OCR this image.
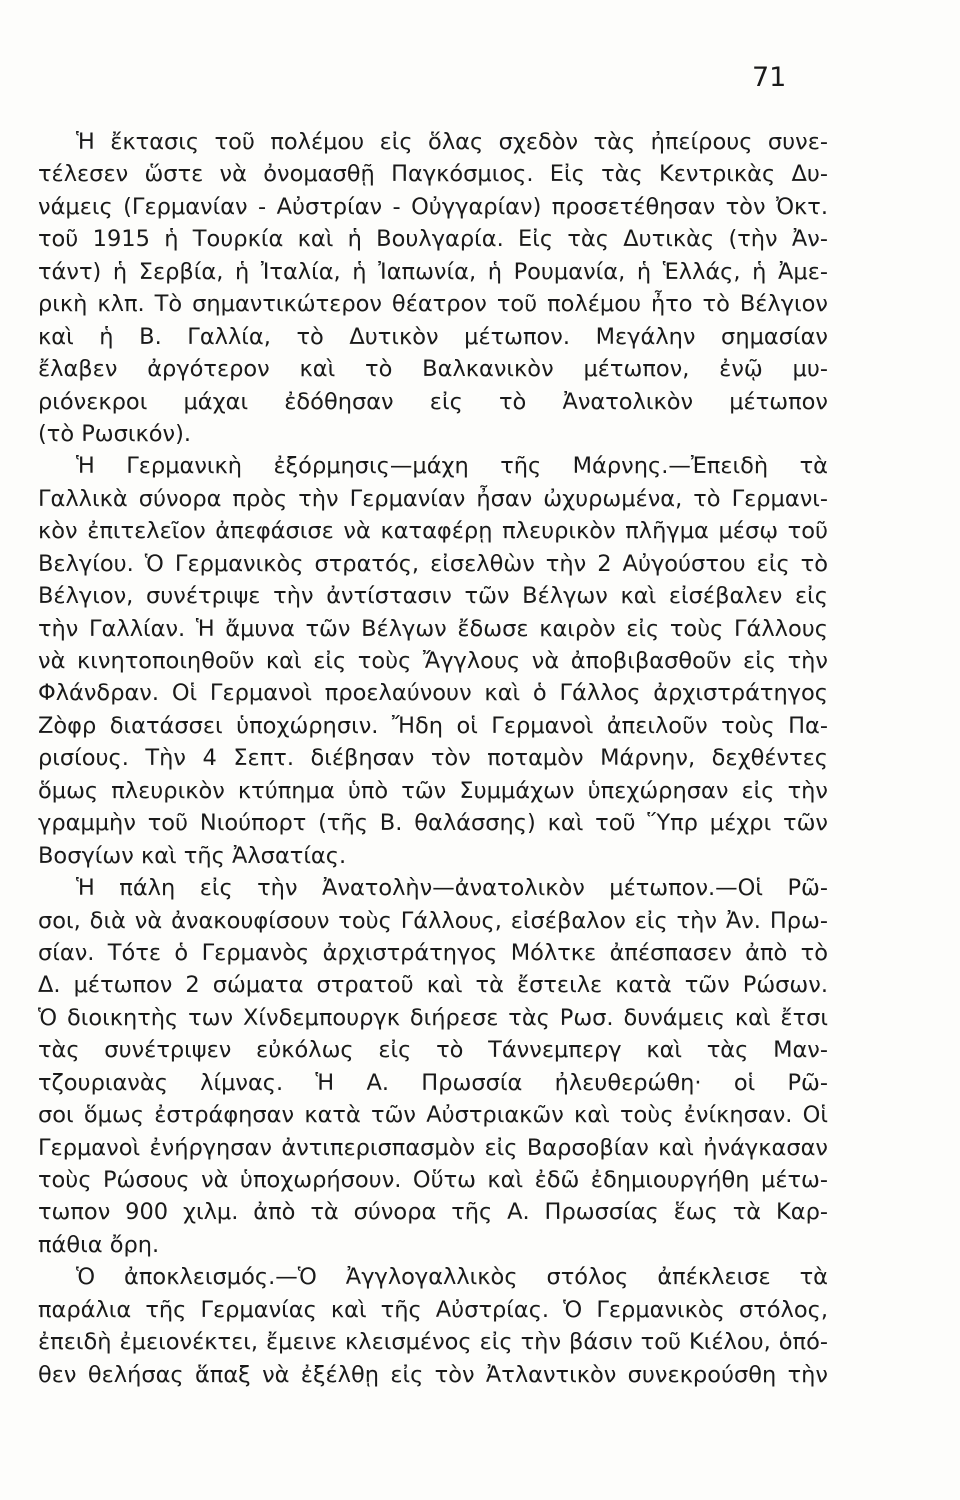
71
Ἡ ἔκτασις τοῦ πολέμου εἰς ὅλας σχεδὸν τὰς ἠπείρους συνε-
τέλεσεν ὥστε νὰ ὀνομασθῇ Παγκόσμιος. Εἰς τὰς Κεντρικὰς Δυ-
νάμεις (Γερμανίαν - Αὐστρίαν - Οὐγγαρίαν) προσετέθησαν τὸν Ὀκτ.
τοῦ 1915 ἡ Τουρκία καὶ ἡ Βουλγαρία. Εἰς τὰς Δυτικὰς (τὴν Ἀν-
τάντ) ἡ Σερβία, ἡ Ἰταλία, ἡ Ἰαπωνία, ἡ Ρουμανία, ἡ Ἑλλάς, ἡ Ἀμε-
ρικὴ κλπ. Τὸ σημαντικώτερον θέατρον τοῦ πολέμου ἦτο τὸ Βέλγιον
καὶ ἡ Β. Γαλλία, τὸ Δυτικὸν μέτωπον. Μεγάλην σημασίαν
ἔλαβεν ἀργότερον καὶ τὸ Βαλκανικὸν μέτωπον, ἐνῷ μυ-
ριόνεκροι μάχαι ἐδόθησαν εἰς τὸ Ἀνατολικὸν μέτωπον
(τὸ Ρωσικόν).
Ἡ Γερμανικὴ ἐξόρμησις—μάχη τῆς Μάρνης.—Ἐπειδὴ τὰ
Γαλλικὰ σύνορα πρὸς τὴν Γερμανίαν ἦσαν ὠχυρωμένα, τὸ Γερμανι-
κὸν ἐπιτελεῖον ἀπεφάσισε νὰ καταφέρῃ πλευρικὸν πλῆγμα μέσῳ τοῦ
Βελγίου. Ὁ Γερμανικὸς στρατός, εἰσελθὼν τὴν 2 Αὐγούστου εἰς τὸ
Βέλγιον, συνέτριψε τὴν ἀντίστασιν τῶν Βέλγων καὶ εἰσέβαλεν εἰς
τὴν Γαλλίαν. Ἡ ἄμυνα τῶν Βέλγων ἔδωσε καιρὸν εἰς τοὺς Γάλλους
νὰ κινητοποιηθοῦν καὶ εἰς τοὺς Ἄγγλους νὰ ἀποβιβασθοῦν εἰς τὴν
Φλάνδραν. Οἱ Γερμανοὶ προελαύνουν καὶ ὁ Γάλλος ἀρχιστράτηγος
Ζὸφρ διατάσσει ὑποχώρησιν. Ἤδη οἱ Γερμανοὶ ἀπειλοῦν τοὺς Πα-
ρισίους. Τὴν 4 Σεπτ. διέβησαν τὸν ποταμὸν Μάρνην, δεχθέντες
ὅμως πλευρικὸν κτύπημα ὑπὸ τῶν Συμμάχων ὑπεχώρησαν εἰς τὴν
γραμμὴν τοῦ Νιούπορτ (τῆς Β. θαλάσσης) καὶ τοῦ Ὕπρ μέχρι τῶν
Βοσγίων καὶ τῆς Ἀλσατίας.
Ἡ πάλη εἰς τὴν Ἀνατολὴν—ἀνατολικὸν μέτωπον.—Οἱ Ρῶ-
σοι, διὰ νὰ ἀνακουφίσουν τοὺς Γάλλους, εἰσέβαλον εἰς τὴν Ἀν. Πρω-
σίαν. Τότε ὁ Γερμανὸς ἀρχιστράτηγος Μόλτκε ἀπέσπασεν ἀπὸ τὸ
Δ. μέτωπον 2 σώματα στρατοῦ καὶ τὰ ἔστειλε κατὰ τῶν Ρώσων.
Ὁ διοικητὴς των Χίνδεμπουργκ διήρεσε τὰς Ρωσ. δυνάμεις καὶ ἔτσι
τὰς συνέτριψεν εὐκόλως εἰς τὸ Τάννεμπεργ καὶ τὰς Μαν-
τζουριανὰς λίμνας. Ἡ Α. Πρωσσία ἠλευθερώθη· οἱ Ρῶ-
σοι ὅμως ἐστράφησαν κατὰ τῶν Αὐστριακῶν καὶ τοὺς ἐνίκησαν. Οἱ
Γερμανοὶ ἐνήργησαν ἀντιπερισπασμὸν εἰς Βαρσοβίαν καὶ ἠνάγκασαν
τοὺς Ρώσους νὰ ὑποχωρήσουν. Οὕτω καὶ ἐδῶ ἐδημιουργήθη μέτω-
τωπον 900 χιλμ. ἀπὸ τὰ σύνορα τῆς Α. Πρωσσίας ἕως τὰ Καρ-
πάθια ὄρη.
Ὁ ἀποκλεισμός.—Ὁ Ἀγγλογαλλικὸς στόλος ἀπέκλεισε τὰ
παράλια τῆς Γερμανίας καὶ τῆς Αὐστρίας. Ὁ Γερμανικὸς στόλος,
ἐπειδὴ ἐμειονέκτει, ἔμεινε κλεισμένος εἰς τὴν βάσιν τοῦ Κιέλου, ὁπό-
θεν θελήσας ἅπαξ νὰ ἐξέλθῃ εἰς τὸν Ἀτλαντικὸν συνεκρούσθη τὴν
